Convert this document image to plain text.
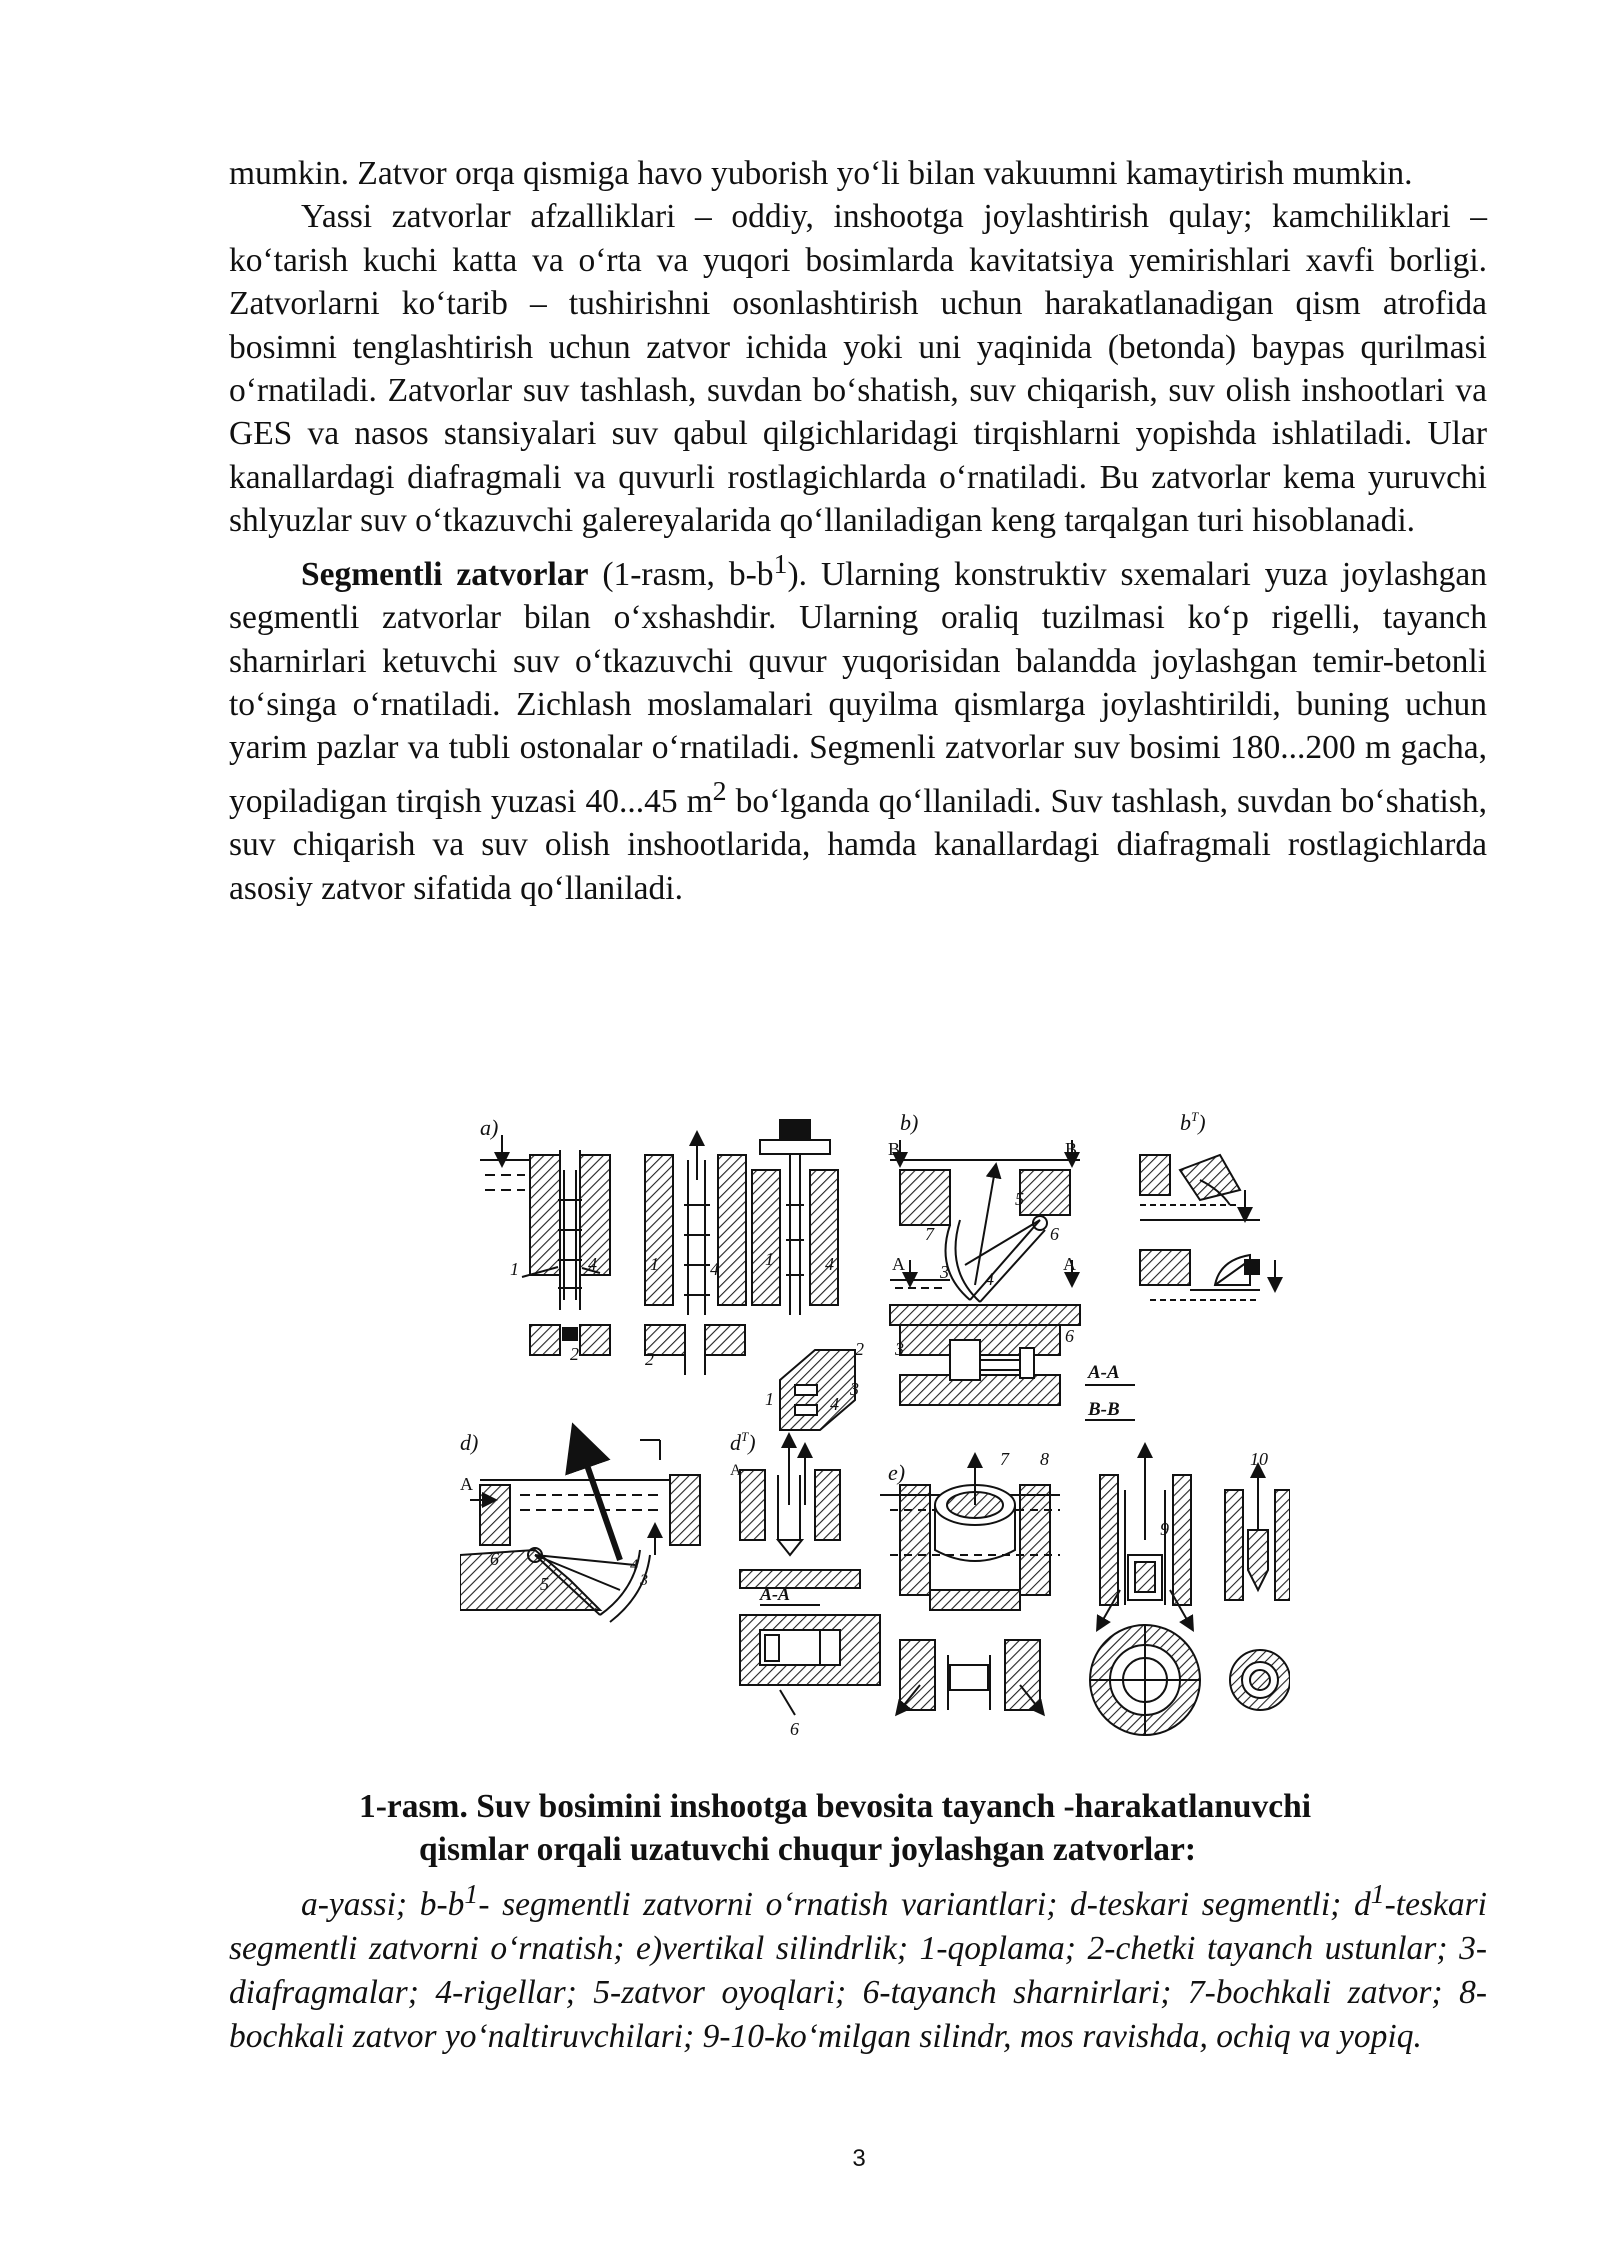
mumkin. Zatvor orqa qismiga havo yuborish yo‘li bilan vakuumni kamaytirish mumkin.

Yassi zatvorlar afzalliklari – oddiy, inshootga joylashtirish qulay; kamchiliklari – ko‘tarish kuchi katta va o‘rta va yuqori bosimlarda kavitatsiya yemirishlari xavfi borligi. Zatvorlarni ko‘tarib – tushirishni osonlashtirish uchun harakatlanadigan qism atrofida bosimni tenglashtirish uchun zatvor ichida yoki uni yaqinida (betonda) baypas qurilmasi o‘rnatiladi. Zatvorlar suv tashlash, suvdan bo‘shatish, suv chiqarish, suv olish inshootlari va GES va nasos stansiyalari suv qabul qilgichlaridagi tirqishlarni yopishda ishlatiladi. Ular kanallardagi diafragmali va quvurli rostlagichlarda o‘rnatiladi. Bu zatvorlar kema yuruvchi shlyuzlar suv o‘tkazuvchi galereyalarida qo‘llaniladigan keng tarqalgan turi hisoblanadi.

Segmentli zatvorlar (1-rasm, $b-b^1$). Ularning konstruktiv sxemalari yuza joylashgan segmentli zatvorlar bilan o‘xshashdir. Ularning oraliq tuzilmasi ko‘p rigelli, tayanch sharnirlari ketuvchi suv o‘tkazuvchi quvur yuqorisidan balandda joylashgan temir-betonli to‘singa o‘rnatiladi. Zichlash moslamalari quyilma qismlarga joylashtirildi, buning uchun yarim pazlar va tubli ostonalar o‘rnatiladi. Segmenli zatvorlar suv bosimi 180...200 m gacha, yopiladigan tirqish yuzasi 40...45 $m^2$ bo‘lganda qo‘llaniladi. Suv tashlash, suvdan bo‘shatish, suv chiqarish va suv olish inshootlarida, hamda kanallardagi diafragmali rostlagichlarda asosiy zatvor sifatida qo‘llaniladi.

a)	b)	$b^T$)
d)	$d^T$)
e)
B	B
A	A
A
A
A-A
B-B
A-A
1	4
2
1	4
2
1	4
2
1	3
4
5
6
7
3 4
3
6
6
5
4
3
6
7 8
9
10
1-rasm. Suv bosimini inshootga bevosita tayanch -harakatlanuvchi
qismlar orqali uzatuvchi chuqur joylashgan zatvorlar:
a-yassi; $b-b^1-$ segmentli zatvorni o‘rnatish variantlari; d-teskari segmentli; $d^1$-teskari segmentli zatvorni o‘rnatish; e)vertikal silindrlik; 1-qoplama; 2-chetki tayanch ustunlar; 3-diafragmalar; 4-rigellar; 5-zatvor oyoqlari; 6-tayanch sharnirlari; 7-bochkali zatvor; 8-bochkali zatvor yo‘naltiruvchilari; 9-10-ko‘milgan silindr, mos ravishda, ochiq va yopiq.
3
